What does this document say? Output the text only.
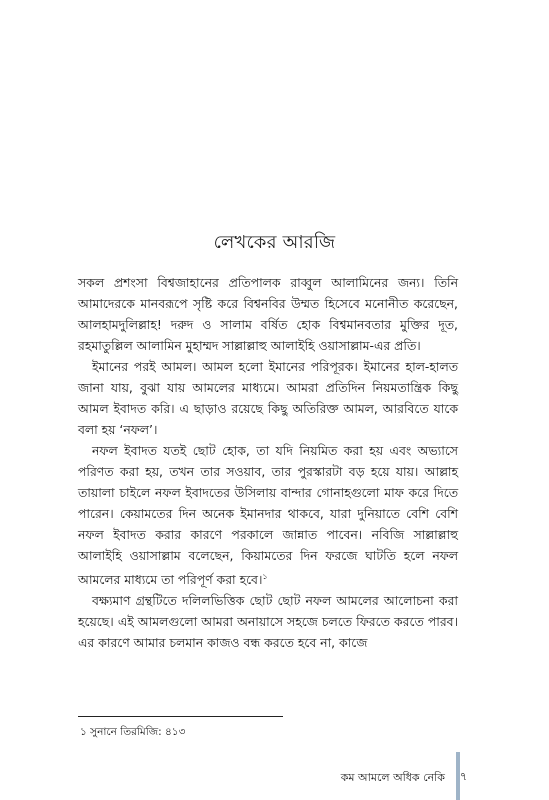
লেখকের আরজি

সকল প্রশংসা বিশ্বজাহানের প্রতিপালক রাব্বুল আলামিনের জন্য। তিনি আমাদেরকে মানবরূপে সৃষ্টি করে বিশ্বনবির উম্মত হিসেবে মনোনীত করেছেন, আলহামদুলিল্লাহ! দরুদ ও সালাম বর্ষিত হোক বিশ্বমানবতার মুক্তির দূত, রহমাতুল্লিল আলামিন মুহাম্মদ সাল্লাল্লাহু আলাইহি ওয়াসাল্লাম-এর প্রতি।

ইমানের পরই আমল। আমল হলো ইমানের পরিপূরক। ইমানের হাল-হালত জানা যায়, বুঝা যায় আমলের মাধ্যমে। আমরা প্রতিদিন নিয়মতান্ত্রিক কিছু আমল ইবাদত করি। এ ছাড়াও রয়েছে কিছু অতিরিক্ত আমল, আরবিতে যাকে বলা হয় ‘নফল’।

নফল ইবাদত যতই ছোট হোক, তা যদি নিয়মিত করা হয় এবং অভ্যাসে পরিণত করা হয়, তখন তার সওয়াব, তার পুরস্কারটা বড় হয়ে যায়। আল্লাহ তায়ালা চাইলে নফল ইবাদতের উসিলায় বান্দার গোনাহগুলো মাফ করে দিতে পারেন। কেয়ামতের দিন অনেক ইমানদার থাকবে, যারা দুনিয়াতে বেশি বেশি নফল ইবাদত করার কারণে পরকালে জান্নাত পাবেন। নবিজি সাল্লাল্লাহু আলাইহি ওয়াসাল্লাম বলেছেন, কিয়ামতের দিন ফরজে ঘাটতি হলে নফল আমলের মাধ্যমে তা পরিপূর্ণ করা হবে।$^১$

বক্ষ্যমাণ গ্রন্থটিতে দলিলভিত্তিক ছোট ছোট নফল আমলের আলোচনা করা হয়েছে। এই আমলগুলো আমরা অনায়াসে সহজে চলতে ফিরতে করতে পারব। এর কারণে আমার চলমান কাজও বন্ধ করতে হবে না, কাজে

১ সুনানে তিরমিজি: ৪১৩
কম আমলে অধিক নেকি ৭
